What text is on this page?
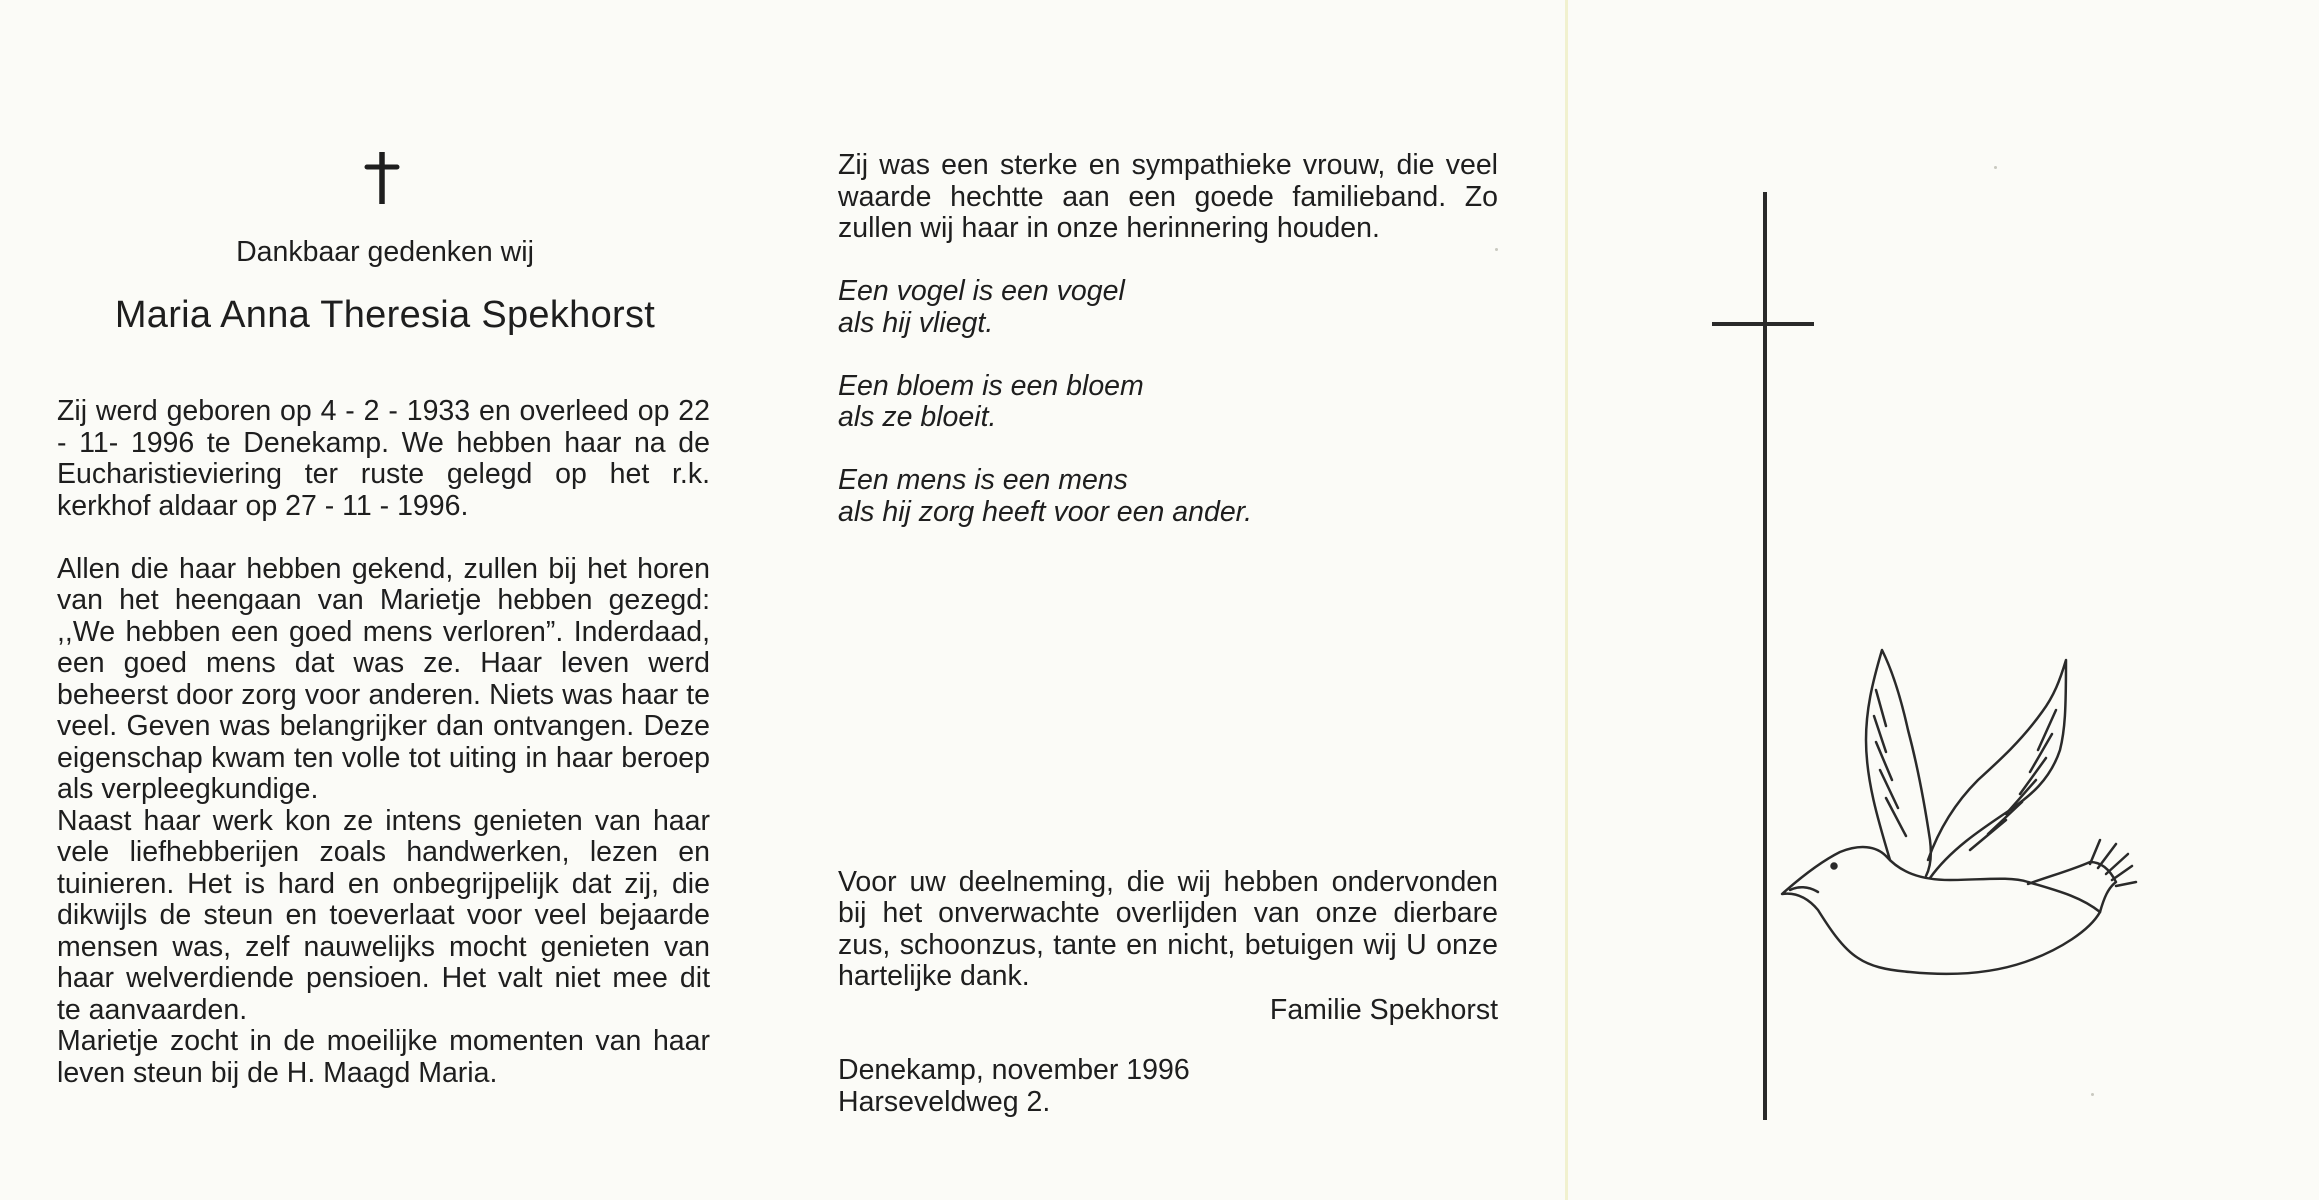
Dankbaar gedenken wij
Maria Anna Theresia Spekhorst

Zij werd geboren op 4 - 2 - 1933 en overleed op 22 - 11- 1996 te Denekamp. We hebben haar na de Eucharistieviering ter ruste gelegd op het r.k. kerkhof aldaar op 27 - 11 - 1996.

Allen die haar hebben gekend, zullen bij het horen van het heengaan van Marietje hebben gezegd: ,,We hebben een goed mens verloren”. Inderdaad, een goed mens dat was ze. Haar leven werd beheerst door zorg voor anderen. Niets was haar te veel. Geven was belangrijker dan ontvangen. Deze eigenschap kwam ten volle tot uiting in haar beroep als verpleegkundige.

Naast haar werk kon ze intens genieten van haar vele liefhebberijen zoals handwerken, lezen en tuinieren. Het is hard en onbegrijpelijk dat zij, die dikwijls de steun en toeverlaat voor veel bejaarde mensen was, zelf nauwelijks mocht genieten van haar welverdiende pensioen. Het valt niet mee dit te aanvaarden.

Marietje zocht in de moeilijke momenten van haar leven steun bij de H. Maagd Maria.

Zij was een sterke en sympathieke vrouw, die veel waarde hechtte aan een goede familieband. Zo zullen wij haar in onze herinnering houden.

Een vogel is een vogel
als hij vliegt.
Een bloem is een bloem
als ze bloeit.
Een mens is een mens
als hij zorg heeft voor een ander.

Voor uw deelneming, die wij hebben ondervonden bij het onverwachte overlijden van onze dierbare zus, schoonzus, tante en nicht, betuigen wij U onze hartelijke dank.

Familie Spekhorst
Denekamp, november 1996
Harseveldweg 2.
